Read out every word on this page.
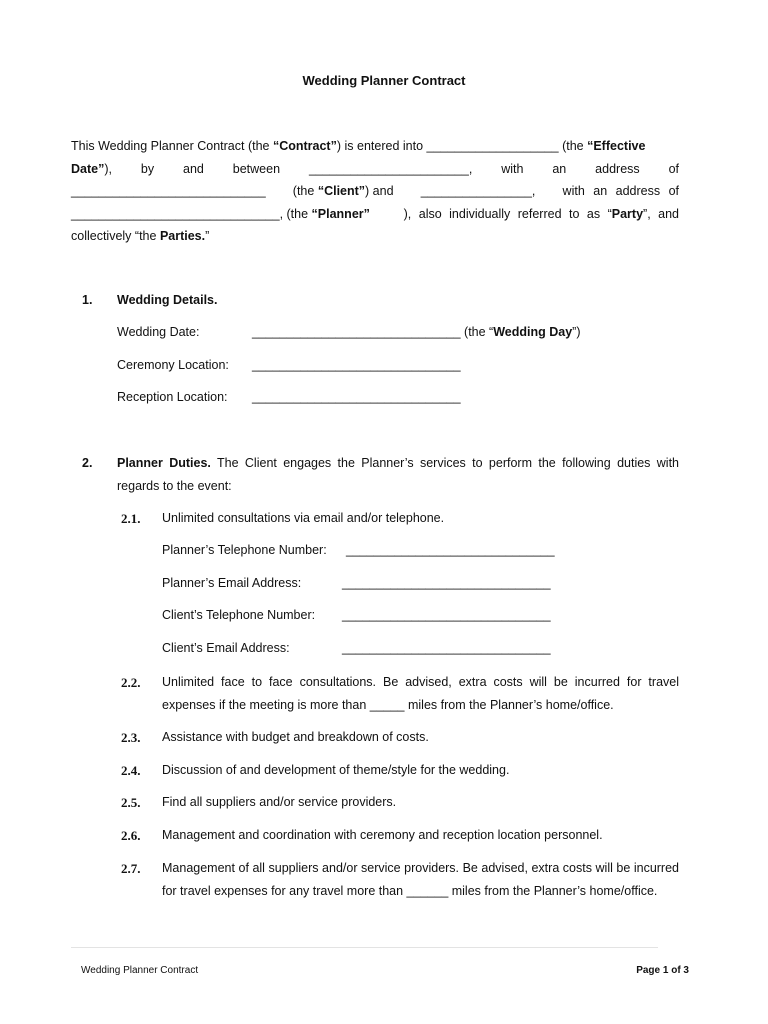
Wedding Planner Contract
This Wedding Planner Contract (the “Contract”) is entered into ___________________ (the “Effective
Date”), by and between _______________________, with an address of
____________________________ (the “Client”) and ________________, with an address of
______________________________, (the “Planner”	), also individually referred to as “Party”, and
collectively “the Parties.”
1. Wedding Details.
Wedding Date:	______________________________ (the “Wedding Day”)
Ceremony Location: ______________________________
Reception Location: ______________________________
2. Planner Duties. The Client engages the Planner’s services to perform the following duties with regards to the event:
2.1. Unlimited consultations via email and/or telephone.
Planner’s Telephone Number: ______________________________
Planner’s Email Address:	______________________________
Client’s Telephone Number: ______________________________
Client’s Email Address:	______________________________
2.2. Unlimited face to face consultations. Be advised, extra costs will be incurred for travel expenses if the meeting is more than _____ miles from the Planner’s home/office.
2.3. Assistance with budget and breakdown of costs.
2.4. Discussion of and development of theme/style for the wedding.
2.5. Find all suppliers and/or service providers.
2.6. Management and coordination with ceremony and reception location personnel.
2.7. Management of all suppliers and/or service providers. Be advised, extra costs will be incurred for travel expenses for any travel more than ______ miles from the Planner’s home/office.
Wedding Planner Contract	Page 1 of 3
